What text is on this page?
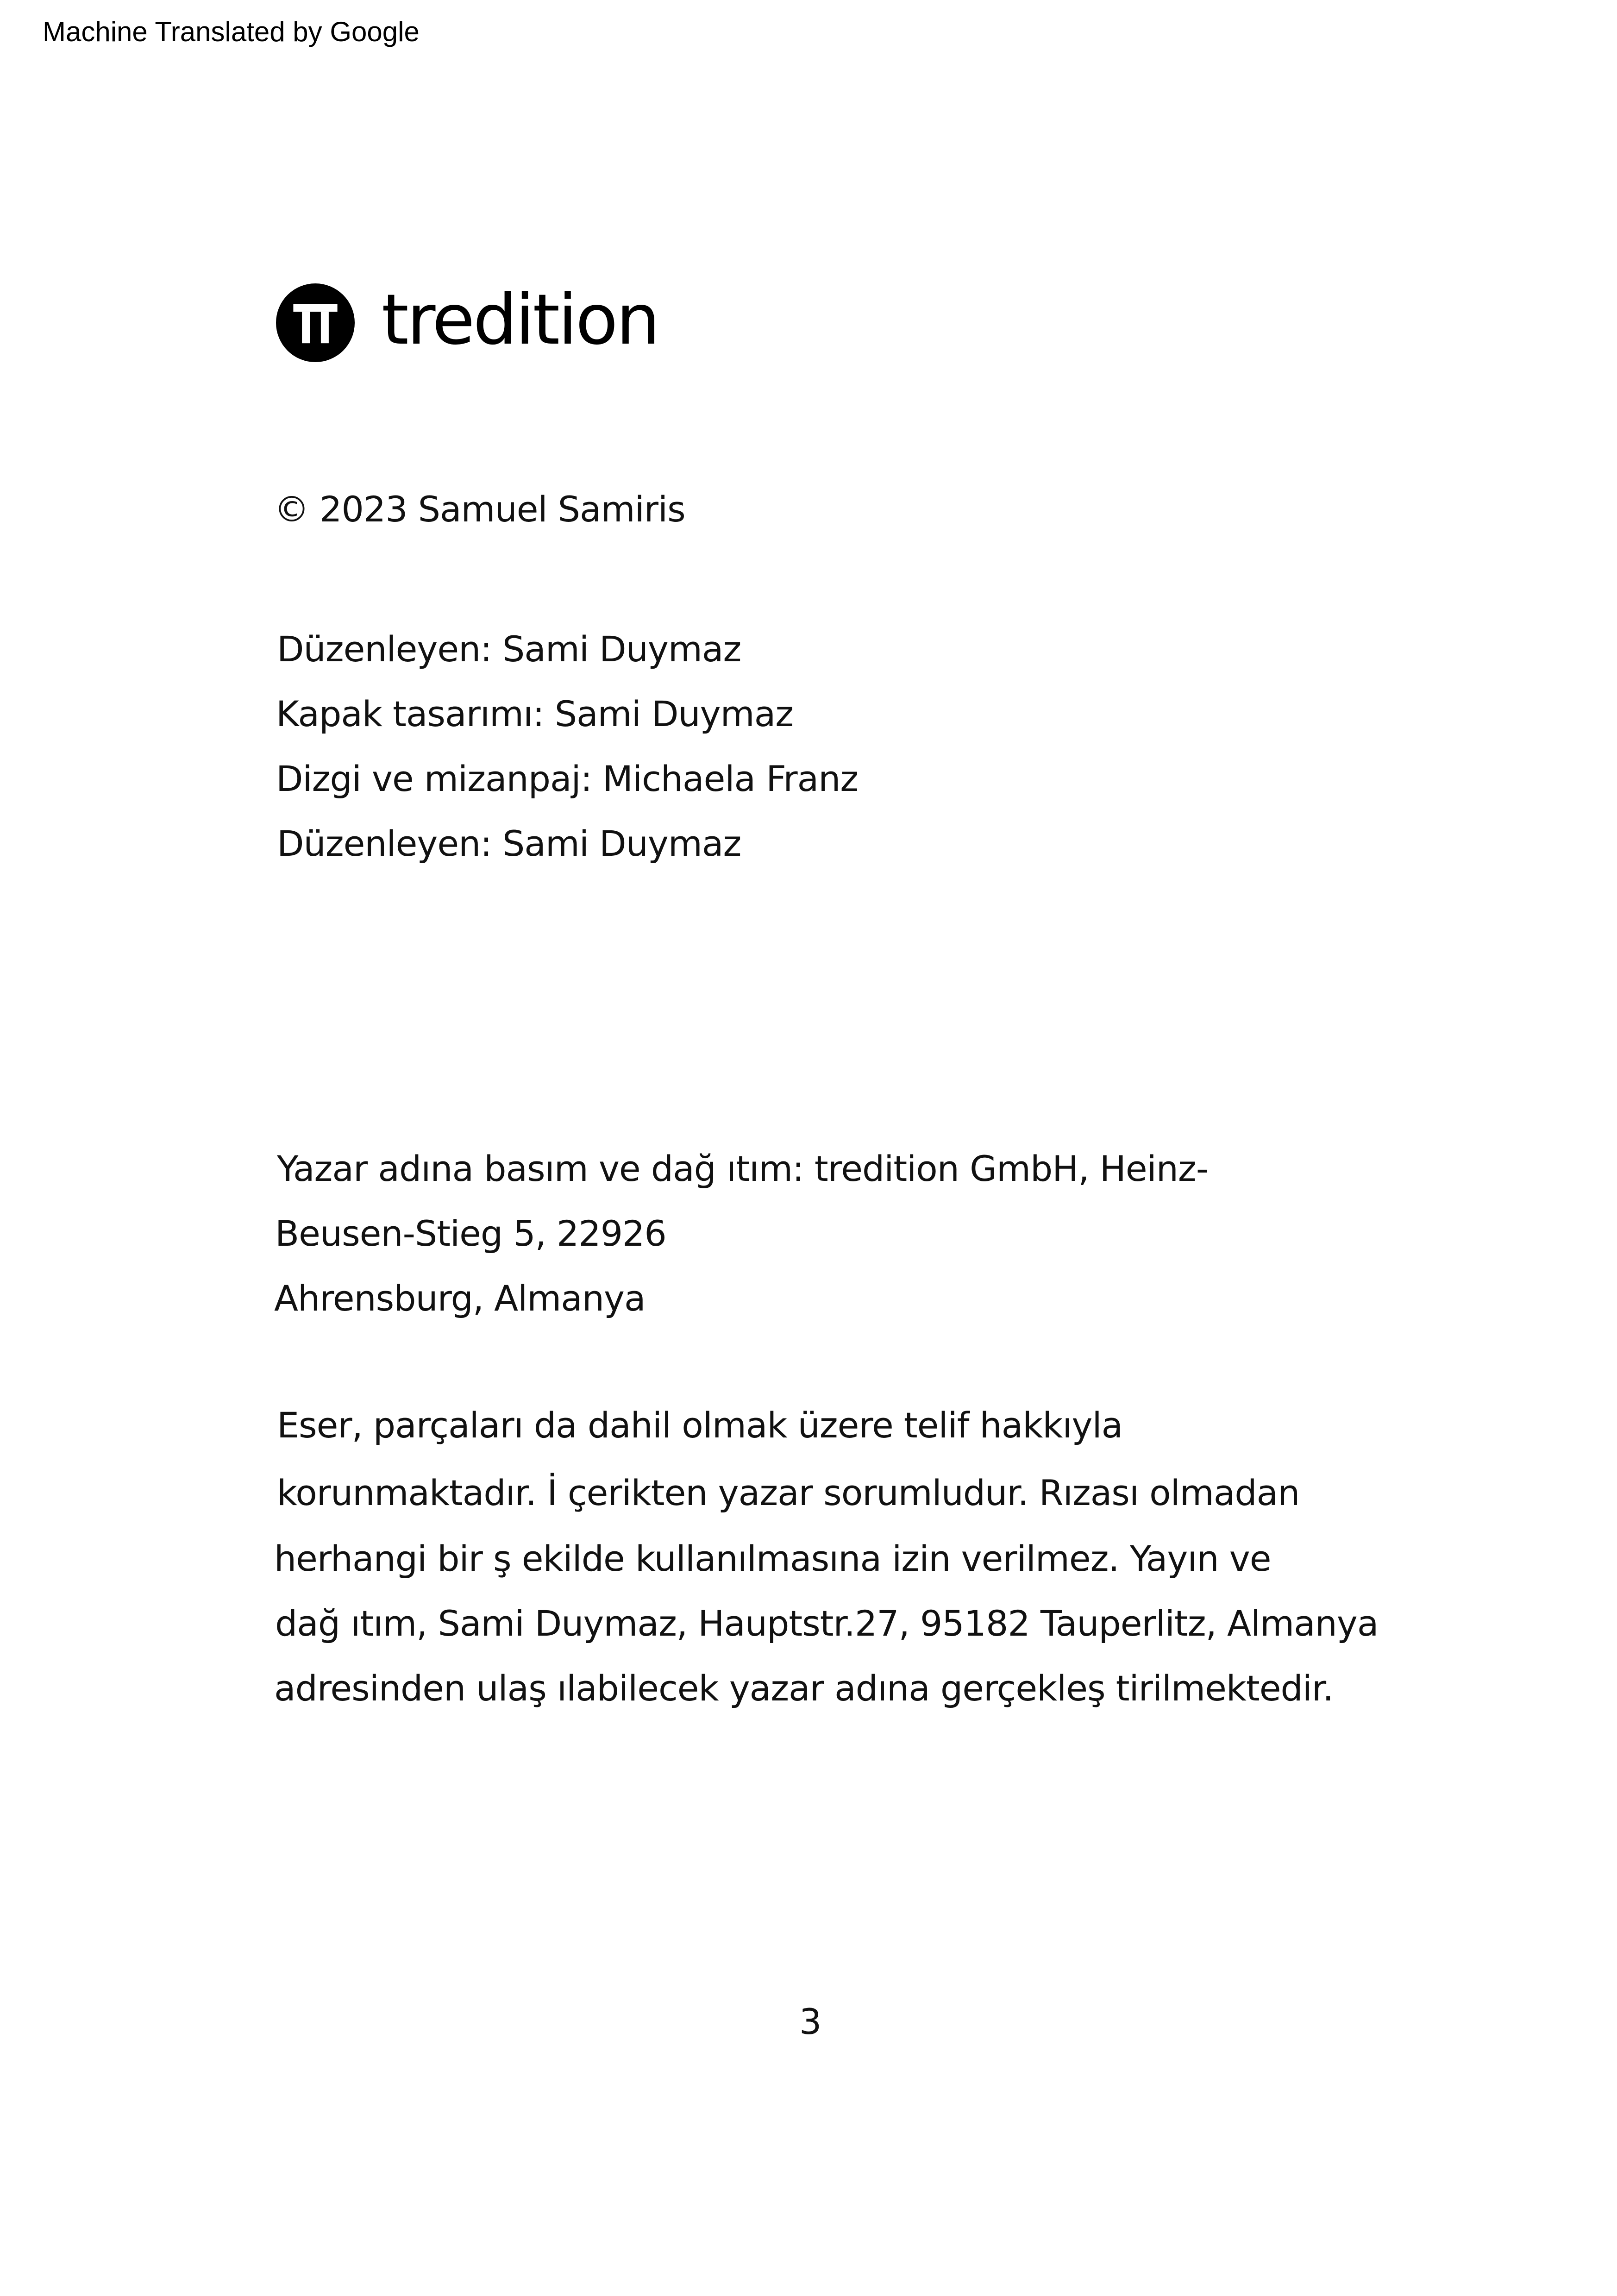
Machine Translated by Google
tredition
© 2023 Samuel Samiris
Düzenleyen: Sami Duymaz
Kapak tasarımı: Sami Duymaz
Dizgi ve mizanpaj: Michaela Franz
Düzenleyen: Sami Duymaz
Yazar adına basım ve dağ ıtım: tredition GmbH, Heinz-
Beusen-Stieg 5, 22926
Ahrensburg, Almanya
Eser, parçaları da dahil olmak üzere telif hakkıyla
korunmaktadır. İ çerikten yazar sorumludur. Rızası olmadan
herhangi bir ş ekilde kullanılmasına izin verilmez. Yayın ve
dağ ıtım, Sami Duymaz, Hauptstr.27, 95182 Tauperlitz, Almanya
adresinden ulaş ılabilecek yazar adına gerçekleş tirilmektedir.
3
